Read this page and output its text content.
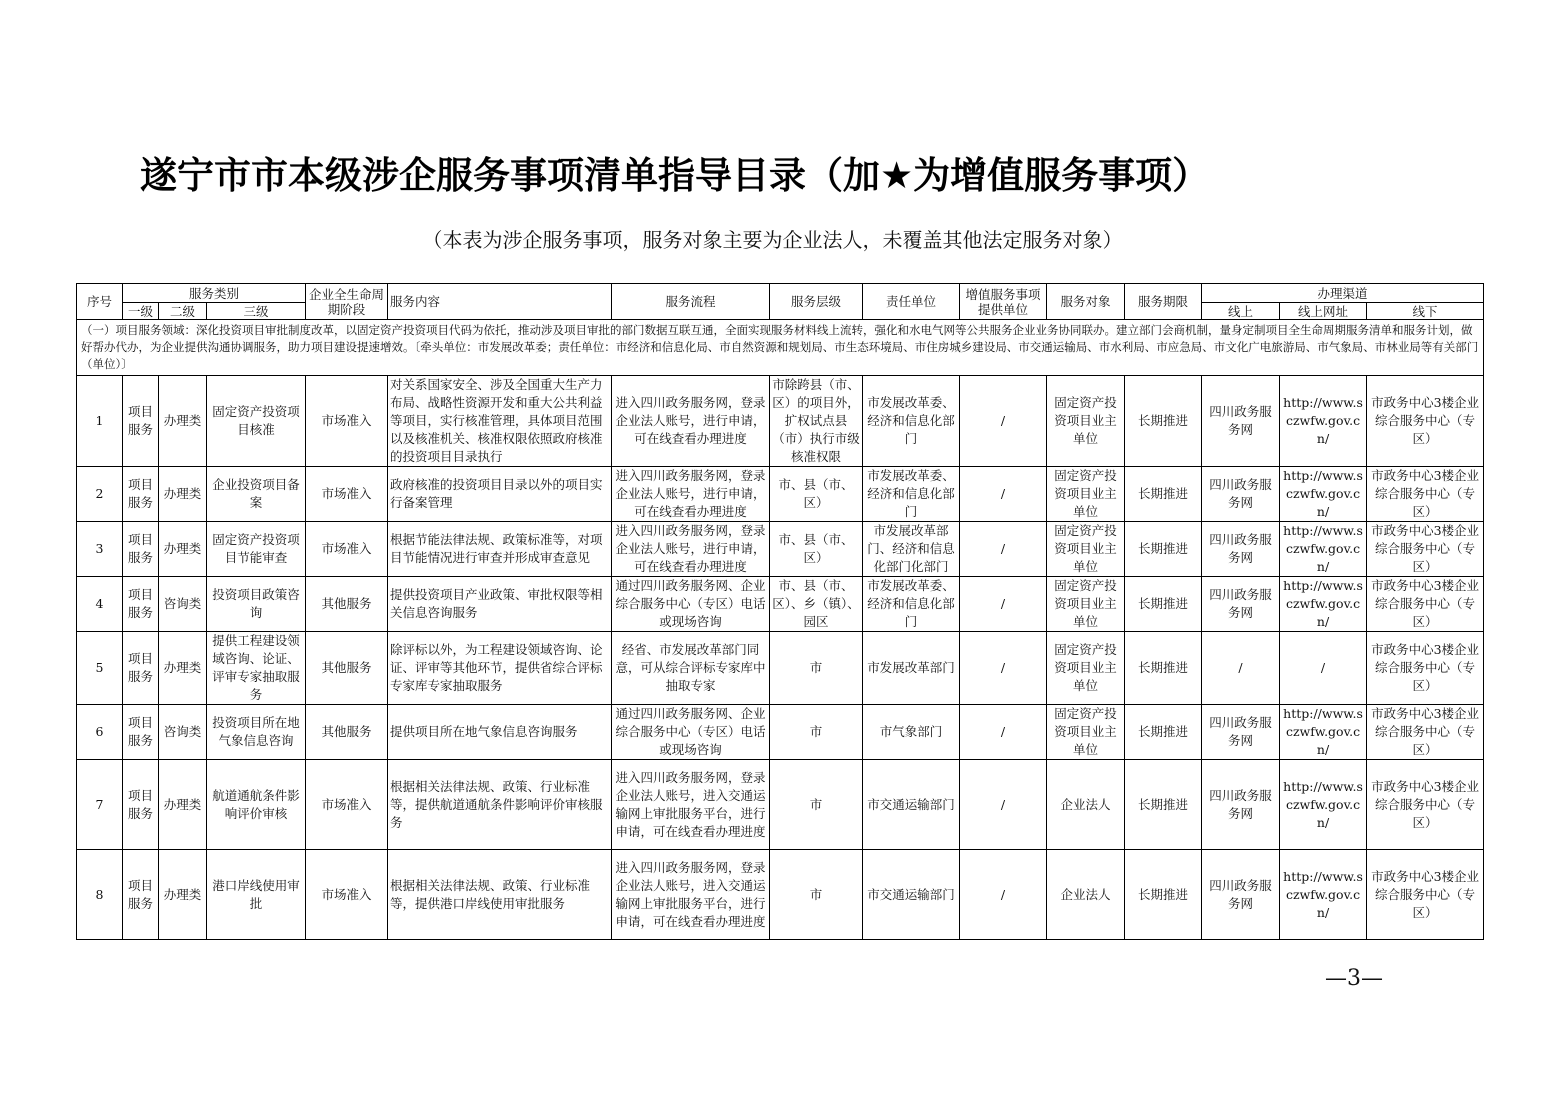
遂宁市市本级涉企服务事项清单指导目录（加★为增值服务事项）
（本表为涉企服务事项，服务对象主要为企业法人，未覆盖其他法定服务对象）
序号	服务类别			企业全生命周期阶段	服务内容	服务流程	服务层级	责任单位	增值服务事项提供单位	服务对象	服务期限	办理渠道		
	一级	二级	三级									线上	线上网址	线下
（一）项目服务领域：深化投资项目审批制度改革，以固定资产投资项目代码为依托，推动涉及项目审批的部门数据互联互通，全面实现服务材料线上流转，强化和水电气网等公共服务企业业务协同联办。建立部门会商机制，量身定制项目全生命周期服务清单和服务计划，做好帮办代办，为企业提供沟通协调服务，助力项目建设提速增效。〔牵头单位：市发展改革委；责任单位：市经济和信息化局、市自然资源和规划局、市生态环境局、市住房城乡建设局、市交通运输局、市水利局、市应急局、市文化广电旅游局、市气象局、市林业局等有关部门（单位）〕														
1	项目服务	办理类	固定资产投资项目核准	市场准入	对关系国家安全、涉及全国重大生产力布局、战略性资源开发和重大公共利益等项目，实行核准管理，具体项目范围以及核准机关、核准权限依照政府核准的投资项目目录执行	进入四川政务服务网，登录企业法人账号，进行申请，可在线查看办理进度	市除跨县（市、区）的项目外，扩权试点县（市）执行市级核准权限	市发展改革委、经济和信息化部门	/	固定资产投资项目业主单位	长期推进	四川政务服务网	http://www.sczwfw.gov.cn/	市政务中心3楼企业综合服务中心（专区）
2	项目服务	办理类	企业投资项目备案	市场准入	政府核准的投资项目目录以外的项目实行备案管理	进入四川政务服务网，登录企业法人账号，进行申请，可在线查看办理进度	市、县（市、区）	市发展改革委、经济和信息化部门	/	固定资产投资项目业主单位	长期推进	四川政务服务网	http://www.sczwfw.gov.cn/	市政务中心3楼企业综合服务中心（专区）
3	项目服务	办理类	固定资产投资项目节能审查	市场准入	根据节能法律法规、政策标准等，对项目节能情况进行审查并形成审查意见	进入四川政务服务网，登录企业法人账号，进行申请，可在线查看办理进度	市、县（市、区）	市发展改革部门、经济和信息化部门化部门	/	固定资产投资项目业主单位	长期推进	四川政务服务网	http://www.sczwfw.gov.cn/	市政务中心3楼企业综合服务中心（专区）
4	项目服务	咨询类	投资项目政策咨询	其他服务	提供投资项目产业政策、审批权限等相关信息咨询服务	通过四川政务服务网、企业综合服务中心（专区）电话或现场咨询	市、县（市、区）、乡（镇）、园区	市发展改革委、经济和信息化部门	/	固定资产投资项目业主单位	长期推进	四川政务服务网	http://www.sczwfw.gov.cn/	市政务中心3楼企业综合服务中心（专区）
5	项目服务	办理类	提供工程建设领域咨询、论证、评审专家抽取服务	其他服务	除评标以外，为工程建设领域咨询、论证、评审等其他环节，提供省综合评标专家库专家抽取服务	经省、市发展改革部门同意，可从综合评标专家库中抽取专家	市	市发展改革部门	/	固定资产投资项目业主单位	长期推进	/	/	市政务中心3楼企业综合服务中心（专区）
6	项目服务	咨询类	投资项目所在地气象信息咨询	其他服务	提供项目所在地气象信息咨询服务	通过四川政务服务网、企业综合服务中心（专区）电话或现场咨询	市	市气象部门	/	固定资产投资项目业主单位	长期推进	四川政务服务网	http://www.sczwfw.gov.cn/	市政务中心3楼企业综合服务中心（专区）
7	项目服务	办理类	航道通航条件影响评价审核	市场准入	根据相关法律法规、政策、行业标准等，提供航道通航条件影响评价审核服务	进入四川政务服务网，登录企业法人账号，进入交通运输网上审批服务平台，进行申请，可在线查看办理进度	市	市交通运输部门	/	企业法人	长期推进	四川政务服务网	http://www.sczwfw.gov.cn/	市政务中心3楼企业综合服务中心（专区）
8	项目服务	办理类	港口岸线使用审批	市场准入	根据相关法律法规、政策、行业标准等，提供港口岸线使用审批服务	进入四川政务服务网，登录企业法人账号，进入交通运输网上审批服务平台，进行申请，可在线查看办理进度	市	市交通运输部门	/	企业法人	长期推进	四川政务服务网	http://www.sczwfw.gov.cn/	市政务中心3楼企业综合服务中心（专区）
—3—
